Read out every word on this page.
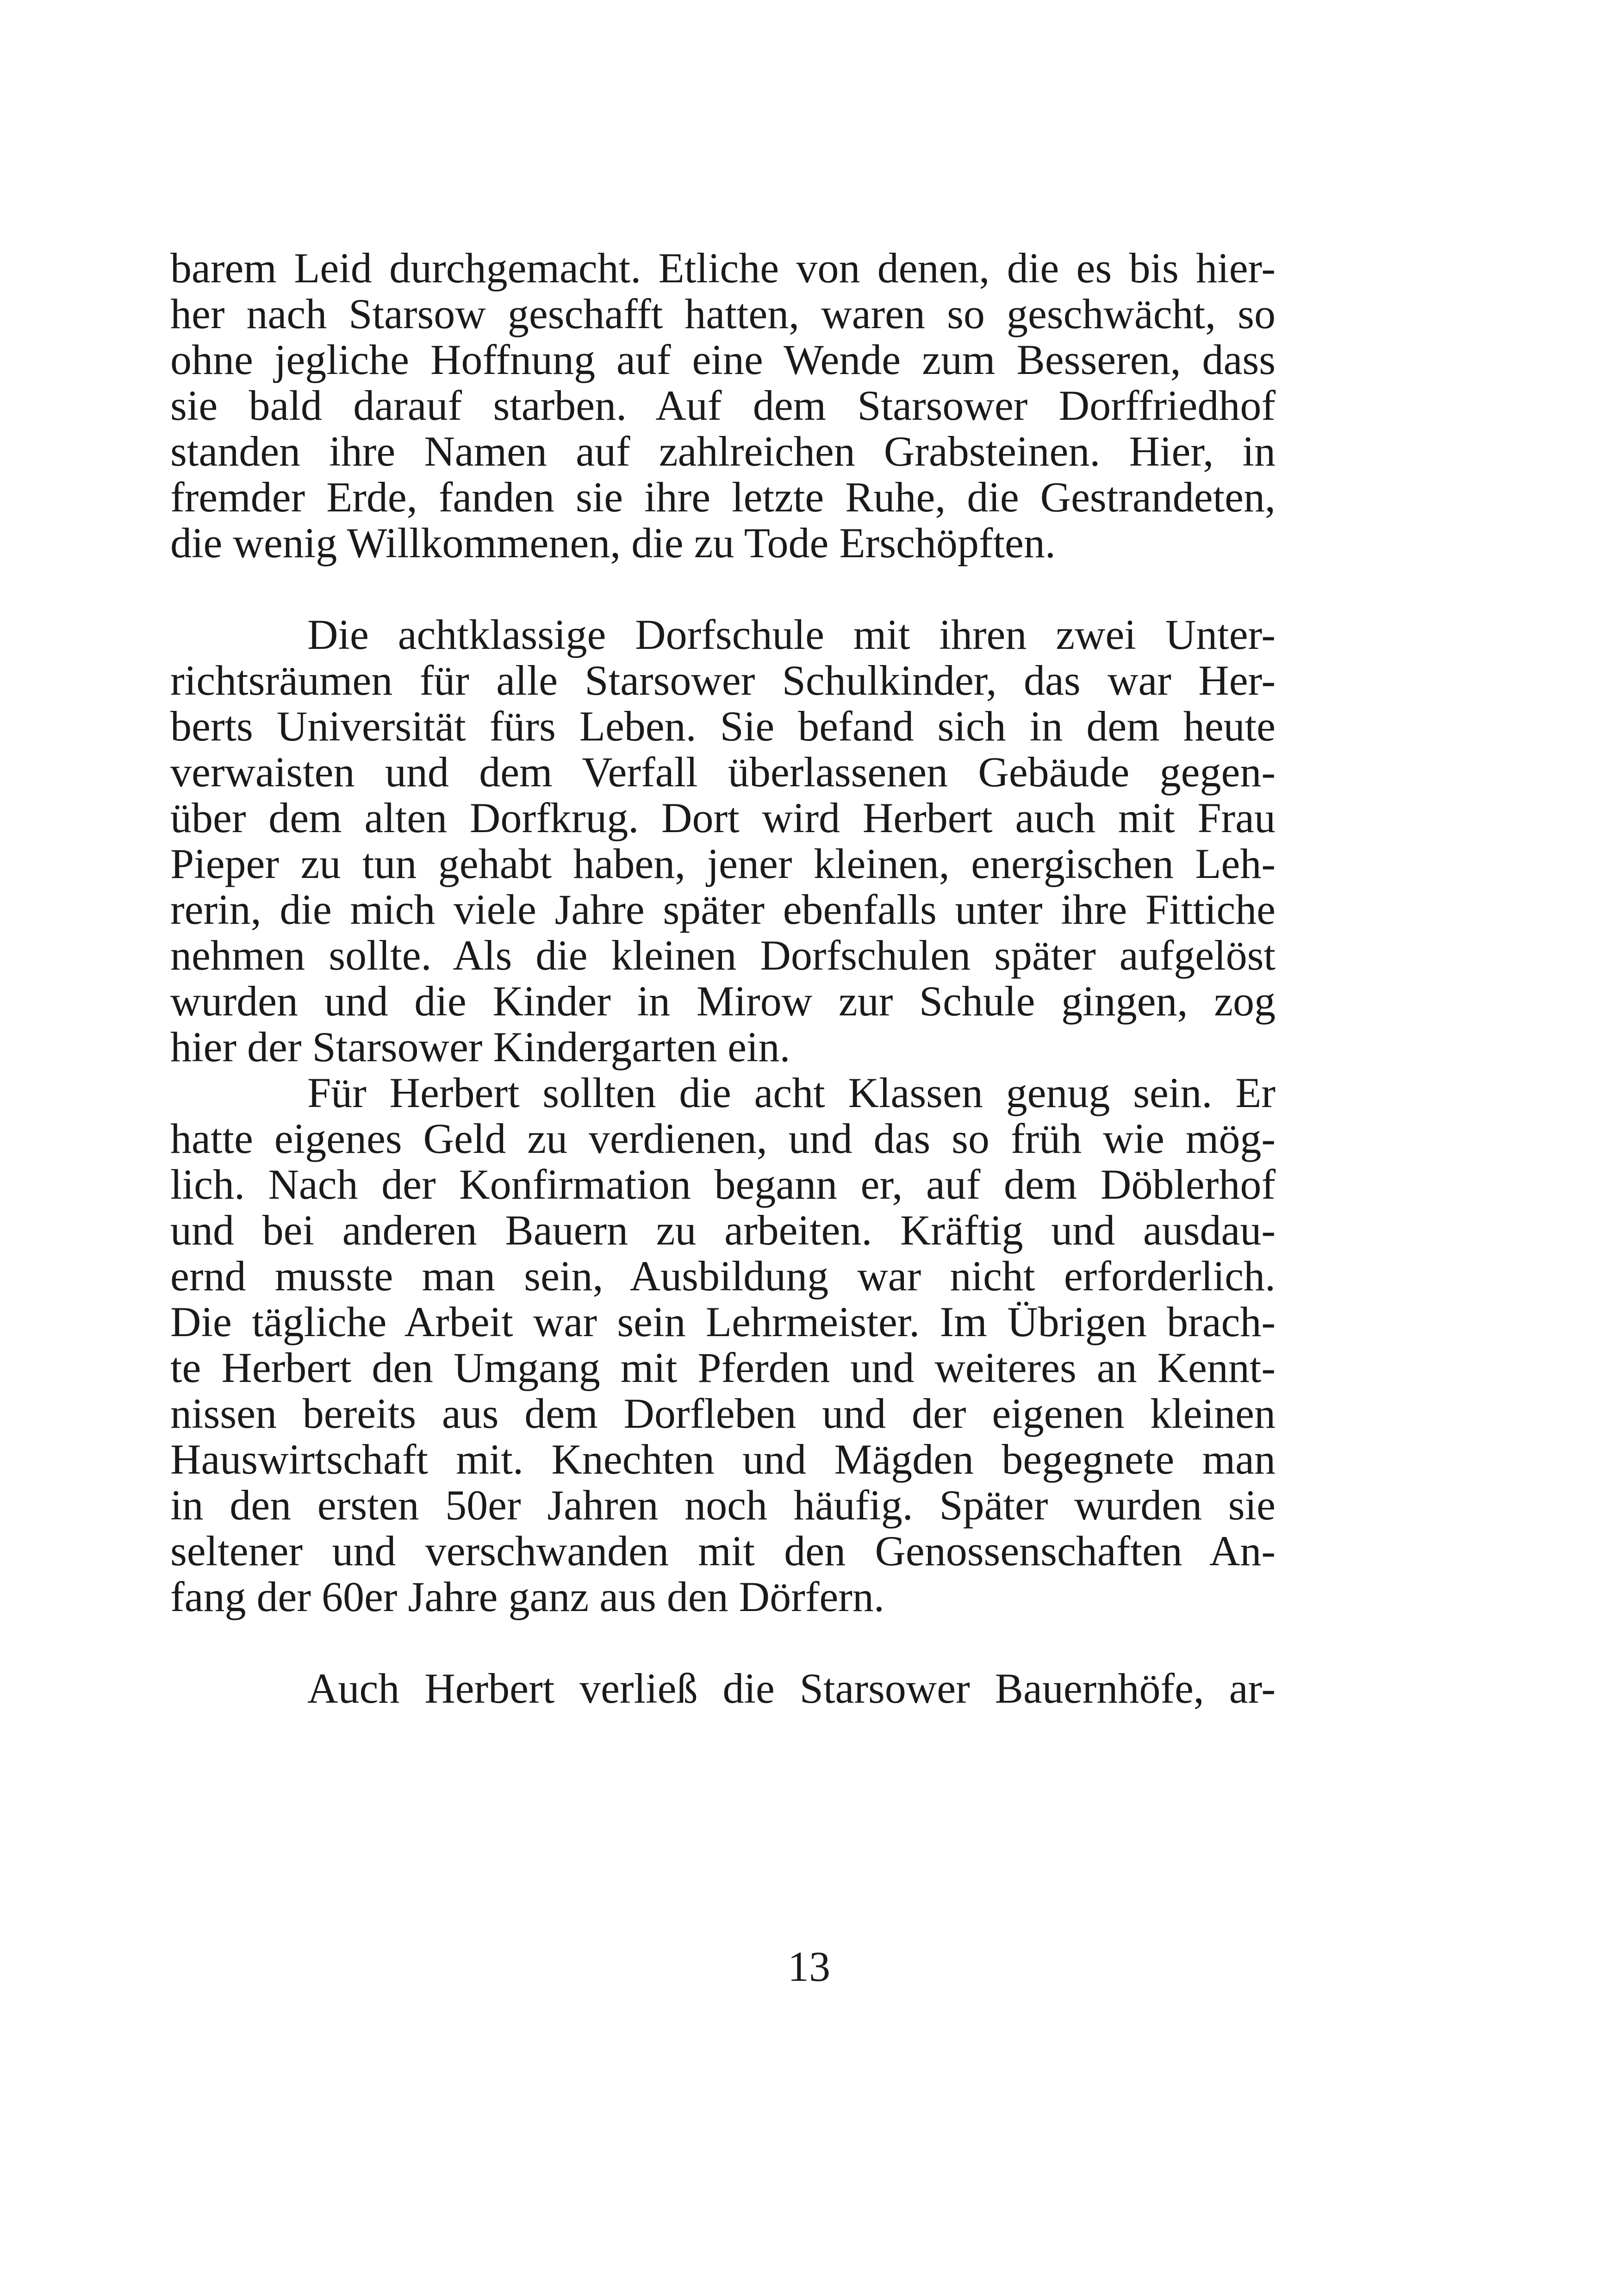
barem Leid durchgemacht. Etliche von denen, die es bis hier-
her nach Starsow geschafft hatten, waren so geschwächt, so
ohne jegliche Hoffnung auf eine Wende zum Besseren, dass
sie bald darauf starben. Auf dem Starsower Dorffriedhof
standen ihre Namen auf zahlreichen Grabsteinen. Hier, in
fremder Erde, fanden sie ihre letzte Ruhe, die Gestrandeten,
die wenig Willkommenen, die zu Tode Erschöpften.
Die achtklassige Dorfschule mit ihren zwei Unter-
richtsräumen für alle Starsower Schulkinder, das war Her-
berts Universität fürs Leben. Sie befand sich in dem heute
verwaisten und dem Verfall überlassenen Gebäude gegen-
über dem alten Dorfkrug. Dort wird Herbert auch mit Frau
Pieper zu tun gehabt haben, jener kleinen, energischen Leh-
rerin, die mich viele Jahre später ebenfalls unter ihre Fittiche
nehmen sollte. Als die kleinen Dorfschulen später aufgelöst
wurden und die Kinder in Mirow zur Schule gingen, zog
hier der Starsower Kindergarten ein.
Für Herbert sollten die acht Klassen genug sein. Er
hatte eigenes Geld zu verdienen, und das so früh wie mög-
lich. Nach der Konfirmation begann er, auf dem Döblerhof
und bei anderen Bauern zu arbeiten. Kräftig und ausdau-
ernd musste man sein, Ausbildung war nicht erforderlich.
Die tägliche Arbeit war sein Lehrmeister. Im Übrigen brach-
te Herbert den Umgang mit Pferden und weiteres an Kennt-
nissen bereits aus dem Dorfleben und der eigenen kleinen
Hauswirtschaft mit. Knechten und Mägden begegnete man
in den ersten 50er Jahren noch häufig. Später wurden sie
seltener und verschwanden mit den Genossenschaften An-
fang der 60er Jahre ganz aus den Dörfern.
Auch Herbert verließ die Starsower Bauernhöfe, ar-
13
